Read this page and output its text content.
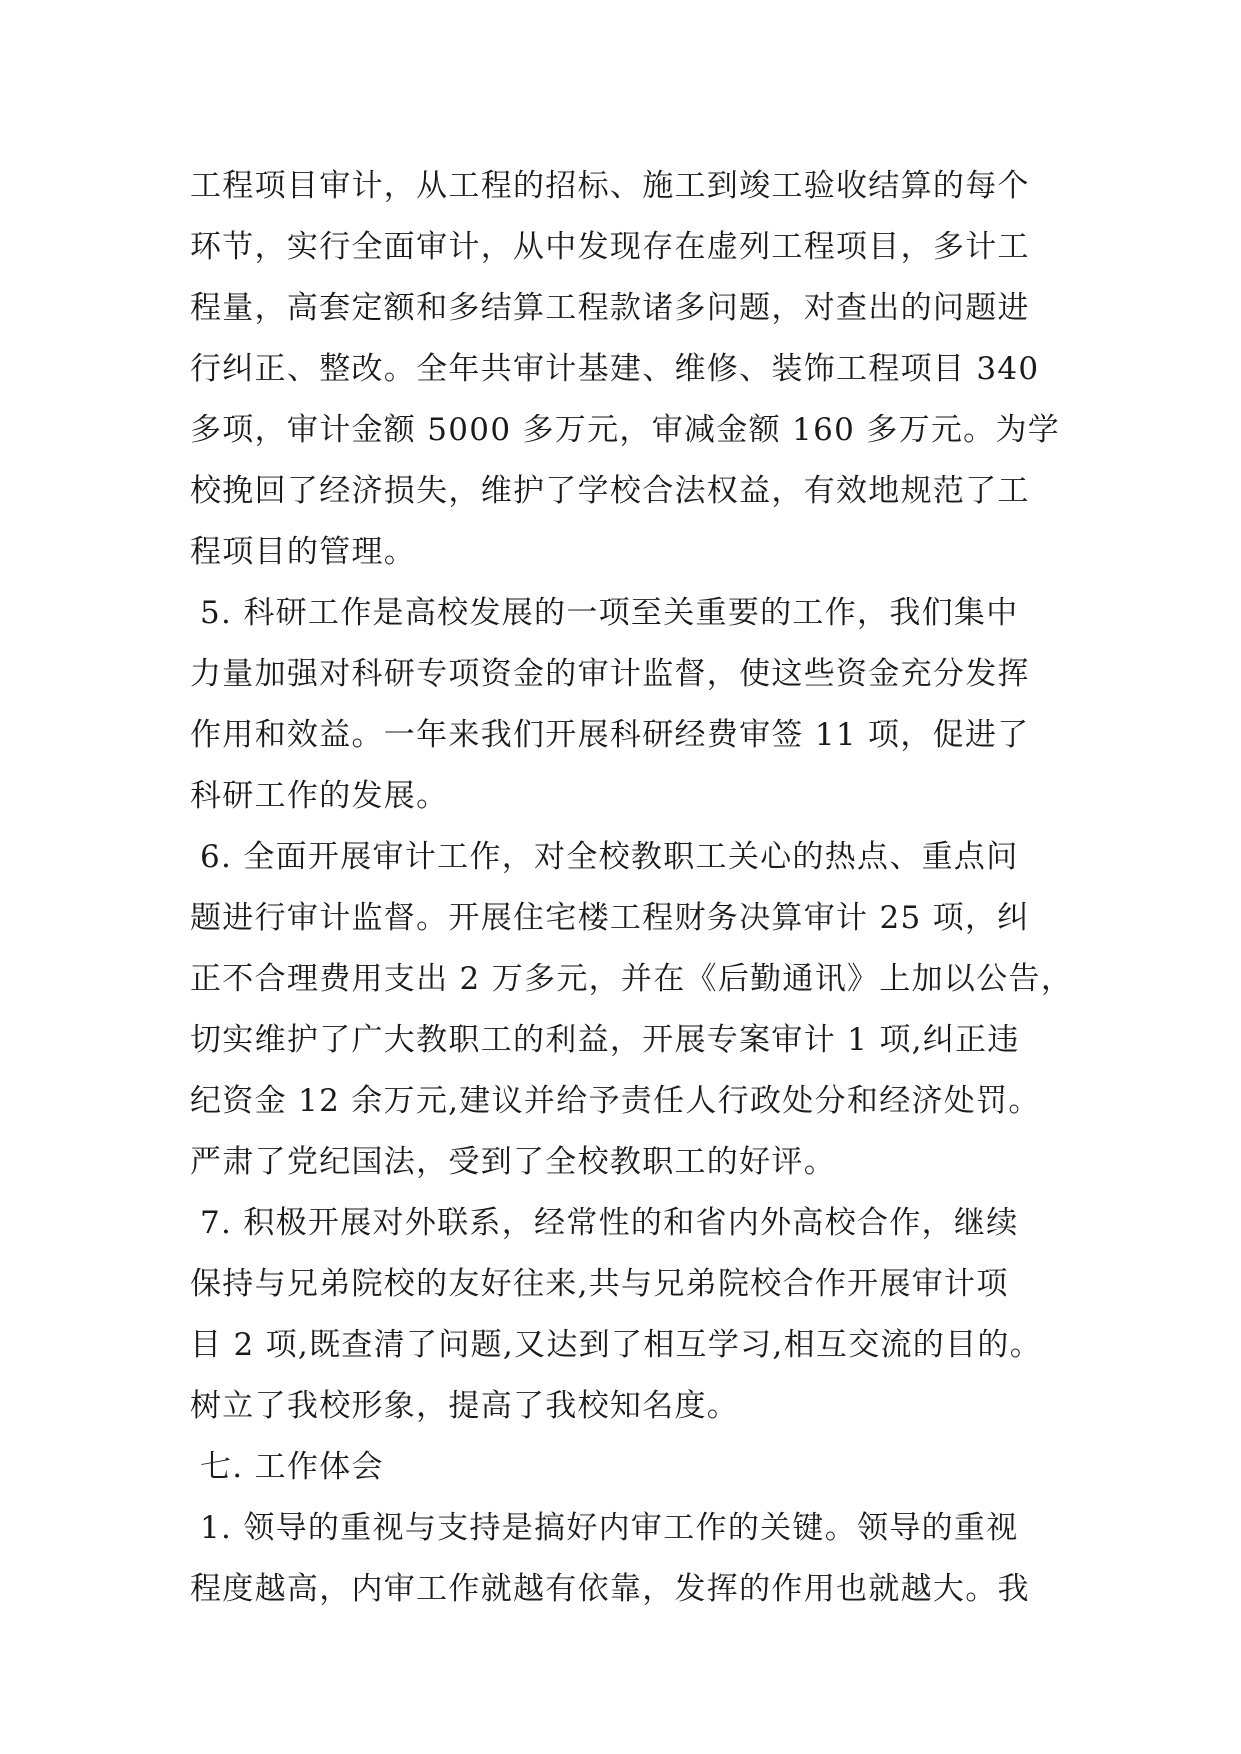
工程项目审计，从工程的招标、施工到竣工验收结算的每个
环节，实行全面审计，从中发现存在虚列工程项目，多计工
程量，高套定额和多结算工程款诸多问题，对查出的问题进
行纠正、整改。全年共审计基建、维修、装饰工程项目 340
多项，审计金额 5000 多万元，审减金额 160 多万元。为学
校挽回了经济损失，维护了学校合法权益，有效地规范了工
程项目的管理。
5. 科研工作是高校发展的一项至关重要的工作，我们集中
力量加强对科研专项资金的审计监督，使这些资金充分发挥
作用和效益。一年来我们开展科研经费审签 11 项，促进了
科研工作的发展。
6. 全面开展审计工作，对全校教职工关心的热点、重点问
题进行审计监督。开展住宅楼工程财务决算审计 25 项，纠
正不合理费用支出 2 万多元，并在《后勤通讯》上加以公告，
切实维护了广大教职工的利益，开展专案审计 1 项,纠正违
纪资金 12 余万元,建议并给予责任人行政处分和经济处罚。
严肃了党纪国法，受到了全校教职工的好评。
7. 积极开展对外联系，经常性的和省内外高校合作，继续
保持与兄弟院校的友好往来,共与兄弟院校合作开展审计项
目 2 项,既查清了问题,又达到了相互学习,相互交流的目的。
树立了我校形象，提高了我校知名度。
七. 工作体会
1. 领导的重视与支持是搞好内审工作的关键。领导的重视
程度越高，内审工作就越有依靠，发挥的作用也就越大。我
